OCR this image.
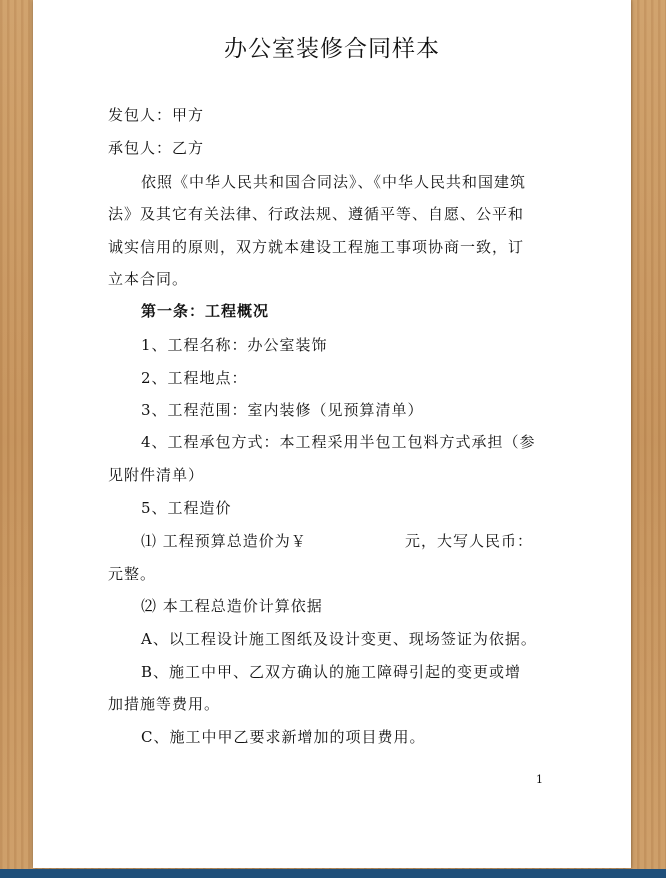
办公室装修合同样本
发包人：甲方
承包人：乙方
依照《中华人民共和国合同法》、《中华人民共和国建筑
法》及其它有关法律、行政法规、遵循平等、自愿、公平和
诚实信用的原则，双方就本建设工程施工事项协商一致，订
立本合同。
第一条：工程概况
1、工程名称：办公室装饰
2、工程地点：
3、工程范围：室内装修（见预算清单）
4、工程承包方式：本工程采用半包工包料方式承担（参
见附件清单）
5、工程造价
⑴ 工程预算总造价为￥	元，大写人民币：
元整。
⑵ 本工程总造价计算依据
A、以工程设计施工图纸及设计变更、现场签证为依据。
B、施工中甲、乙双方确认的施工障碍引起的变更或增
加措施等费用。
C、施工中甲乙要求新增加的项目费用。
1
